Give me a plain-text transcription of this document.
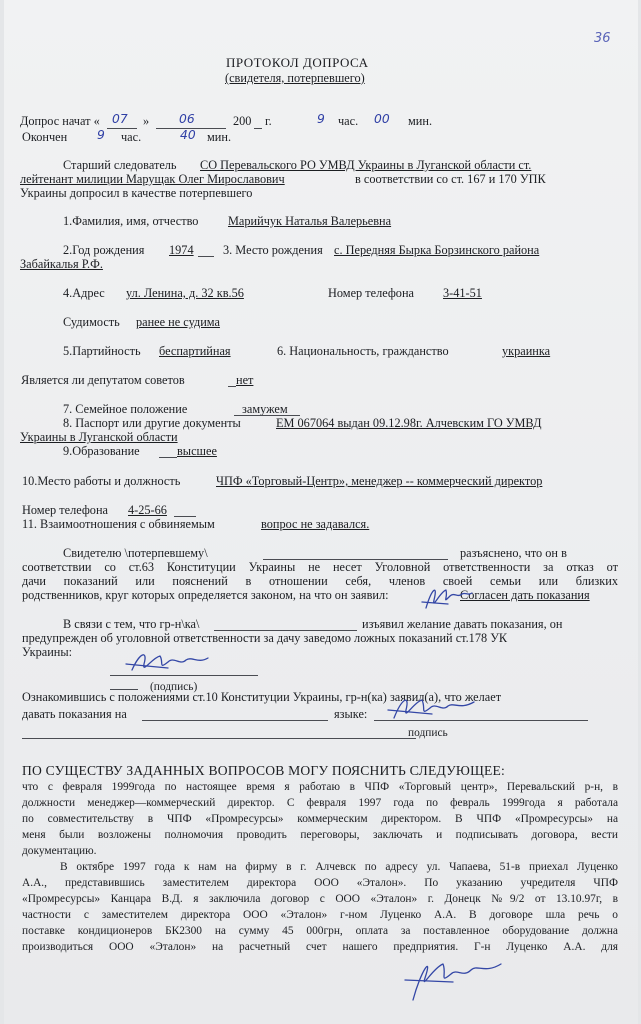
36
ПРОТОКОЛ ДОПРОСА
(свидетеля, потерпевшего)
Допрос начат « 07 » 06	200 г.	9 час. 00 мин.
Окончен 9 час.	40 мин.
Старший следователь СО Перевальского РО УМВД Украины в Луганской области ст.
лейтенант милиции Марущак Олег Мирославович	в соответствии со ст. 167 и 170 УПК
Украины допросил в качестве потерпевшего
1.Фамилия, имя, отчество Марийчук Наталья Валерьевна
2.Год рождения 1974 3. Место рождения с. Передняя Бырка Борзинского района
Забайкалья Р.Ф.
4.Адрес ул. Ленина, д. 32 кв.56	Номер телефона 3-41-51
Судимость ранее не судима
5.Партийность беспартийная	6. Национальность, гражданство	украинка
Является ли депутатом советов	нет
7. Семейное положение	замужем
8. Паспорт или другие документы	ЕМ 067064 выдан 09.12.98г. Алчевским ГО УМВД
Украины в Луганской области
9.Образование	высшее
10.Место работы и должность	ЧПФ «Торговый-Центр», менеджер -- коммерческий директор
Номер телефона 4-25-66
11. Взаимоотношения с обвиняемым	вопрос не задавался.
Свидетелю \потерпевшему\	разъяснено, что он в
соответствии со ст.63 Конституции Украины не несет Уголовной ответственности за отказ от
дачи показаний или пояснений в отношении себя, членов своей семьи или близких
родственников, круг которых определяется законом, на что он заявил:	Согласен дать показания
В связи с тем, что гр-н\ка\	изъявил желание давать показания, он
предупрежден об уголовной ответственности за дачу заведомо ложных показаний ст.178 УК
Украины:
(подпись)
Ознакомившись с положениями ст.10 Конституции Украины, гр-н(ка) заявил(а), что желает
давать показания на	языке:
подпись
ПО СУЩЕСТВУ ЗАДАННЫХ ВОПРОСОВ МОГУ ПОЯСНИТЬ СЛЕДУЮЩЕЕ:
что с февраля 1999года по настоящее время я работаю в ЧПФ «Торговый центр», Перевальский р-н, в
должности менеджер—коммерческий директор. С февраля 1997 года по февраль 1999года я работала
по совместительству в ЧПФ «Промресурсы» коммерческим директором. В ЧПФ «Промресурсы» на
меня были возложены полномочия проводить переговоры, заключать и подписывать договора, вести
документацию.
В октябре 1997 года к нам на фирму в г. Алчевск по адресу ул. Чапаева, 51-в приехал Луценко
А.А., представившись заместителем директора ООО «Эталон». По указанию учредителя ЧПФ
«Промресурсы» Канцара В.Д. я заключила договор с ООО «Эталон» г. Донецк №9/2 от 13.10.97г, в
частности с заместителем директора ООО «Эталон» г-ном Луценко А.А. В договоре шла речь о
поставке кондиционеров БК2300 на сумму 45 000грн, оплата за поставленное оборудование должна
производиться ООО «Эталон» на расчетный счет нашего предприятия. Г-н Луценко А.А. для
